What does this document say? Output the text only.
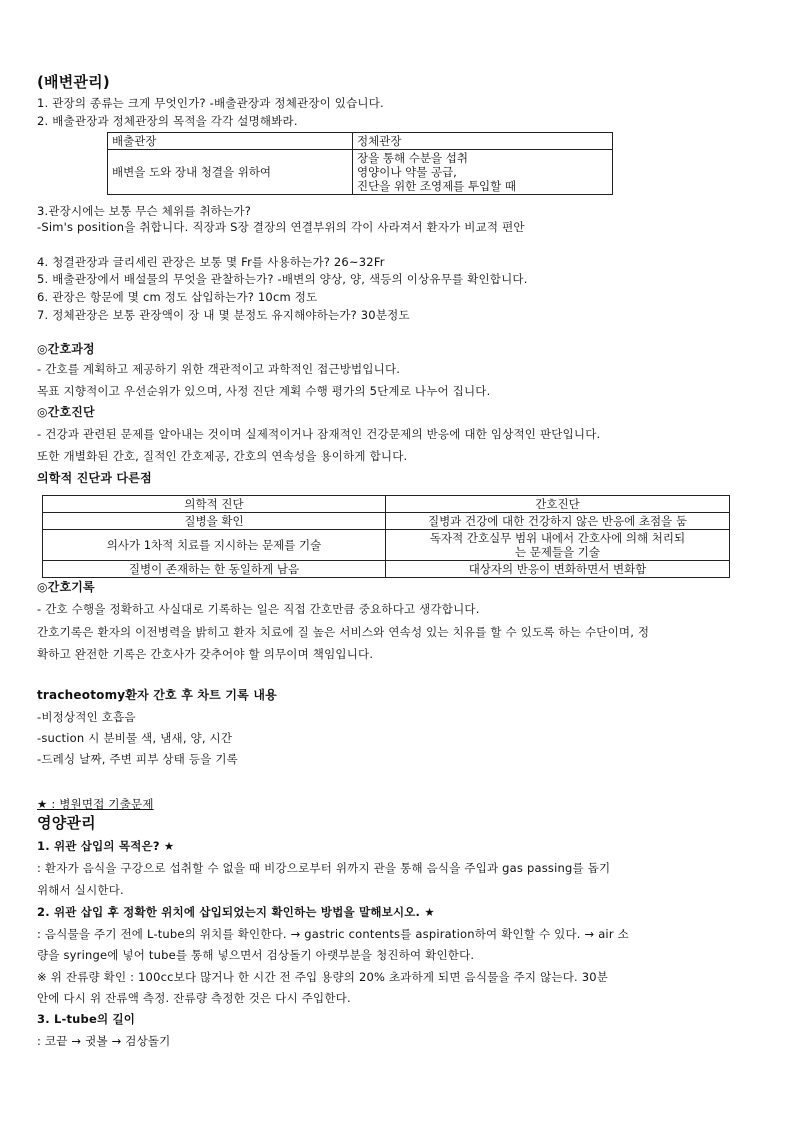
(배변관리)
1. 관장의 종류는 크게 무엇인가? -배출관장과 정체관장이 있습니다.
2. 배출관장과 정체관장의 목적을 각각 설명해봐라.
배출관장	정체관장
배변을 도와 장내 청결을 위하여	장을 통해 수분을 섭취
영양이나 약물 공급,
진단을 위한 조영제를 투입할 때
3.관장시에는 보통 무슨 체위를 취하는가?
-Sim's position을 취합니다. 직장과 S장 결장의 연결부위의 각이 사라져서 환자가 비교적 편안
4. 청결관장과 글리세린 관장은 보통 몇 Fr를 사용하는가? 26~32Fr
5. 배출관장에서 배설물의 무엇을 관찰하는가? -배변의 양상, 양, 색등의 이상유무를 확인합니다.
6. 관장은 항문에 몇 cm 정도 삽입하는가? 10cm 정도
7. 정체관장은 보통 관장액이 장 내 몇 분정도 유지해야하는가? 30분정도
◎간호과정
- 간호를 계획하고 제공하기 위한 객관적이고 과학적인 접근방법입니다.
목표 지향적이고 우선순위가 있으며, 사정 진단 계획 수행 평가의 5단계로 나누어 집니다.
◎간호진단
- 건강과 관련된 문제를 알아내는 것이며 실제적이거나 잠재적인 건강문제의 반응에 대한 임상적인 판단입니다.
또한 개별화된 간호, 질적인 간호제공, 간호의 연속성을 용이하게 합니다.
의학적 진단과 다른점
의학적 진단	간호진단
질병을 확인	질병과 건강에 대한 건강하지 않은 반응에 초점을 둠
의사가 1차적 치료를 지시하는 문제를 기술	독자적 간호실무 범위 내에서 간호사에 의해 처리되는 문제들을 기술
질병이 존재하는 한 동일하게 남음	대상자의 반응이 변화하면서 변화함
◎간호기록
- 간호 수행을 정확하고 사실대로 기록하는 일은 직접 간호만큼 중요하다고 생각합니다.
간호기록은 환자의 이전병력을 밝히고 환자 치료에 질 높은 서비스와 연속성 있는 치유를 할 수 있도록 하는 수단이며, 정
확하고 완전한 기록은 간호사가 갖추어야 할 의무이며 책임입니다.
tracheotomy환자 간호 후 차트 기록 내용
-비정상적인 호흡음
-suction 시 분비물 색, 냄새, 양, 시간
-드레싱 날짜, 주변 피부 상태 등을 기록
★ : 병원면접 기출문제
영양관리
1. 위관 삽입의 목적은? ★
: 환자가 음식을 구강으로 섭취할 수 없을 때 비강으로부터 위까지 관을 통해 음식을 주입과 gas passing를 돕기
위해서 실시한다.
2. 위관 삽입 후 정확한 위치에 삽입되었는지 확인하는 방법을 말해보시오. ★
: 음식물을 주기 전에 L-tube의 위치를 확인한다. → gastric contents를 aspiration하여 확인할 수 있다. → air 소
량을 syringe에 넣어 tube를 통해 넣으면서 검상돌기 아랫부분을 청진하여 확인한다.
※ 위 잔류량 확인 : 100cc보다 많거나 한 시간 전 주입 용량의 20% 초과하게 되면 음식물을 주지 않는다. 30분
안에 다시 위 잔류액 측정. 잔류량 측정한 것은 다시 주입한다.
3. L-tube의 길이
: 코끝 → 귓볼 → 검상돌기
